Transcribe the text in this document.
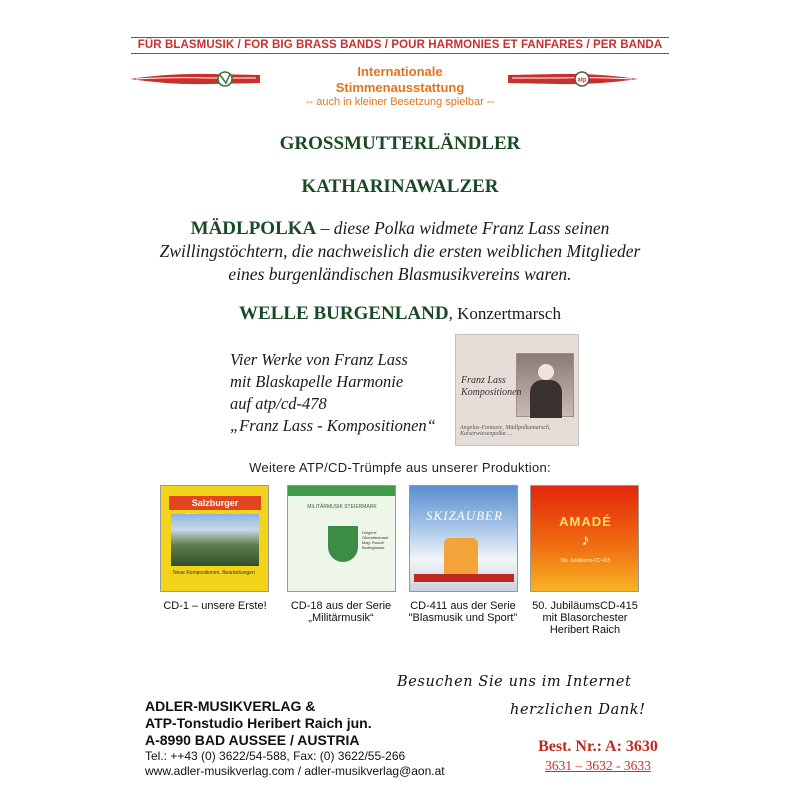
FÜR BLASMUSIK / FOR BIG BRASS BANDS / POUR HARMONIES ET FANFARES / PER BANDA
atp
Internationale
Stimmenausstattung
-- auch in kleiner Besetzung spielbar --
GROSSMUTTERLÄNDLER
KATHARINAWALZER
MÄDLPOLKA – diese Polka widmete Franz Lass seinen
Zwillingstöchtern, die nachweislich die ersten weiblichen Mitglieder
eines burgenländischen Blasmusikvereins waren.
WELLE BURGENLAND, Konzertmarsch
Vier Werke von Franz Lass
mit Blaskapelle Harmonie
auf atp/cd-478
„Franz Lass - Kompositionen“
Franz Lass Kompositionen
Angelus-Fantasie, Mädlpolkamarsch, Kaiserwiesenpolka …
Weitere ATP/CD-Trümpfe aus unserer Produktion:
Salzburger
Neue Kompositionen, Bearbeitungen
MILITÄRMUSIK STEIERMARK
Dirigent: Oberstleutnant Mag. Rudolf Bodingbauer
SKIZAUBER	AMADÉ
♪
Die Jubiläums-CD 415
CD-1 – unsere Erste!	CD-18 aus der Serie
„Militärmusik“
CD-411 aus der Serie
"Blasmusik und Sport"
50. JubiläumsCD-415
mit Blasorchester
Heribert Raich
Besuchen Sie uns im Internet
herzlichen Dank!
ADLER-MUSIKVERLAG &
ATP-Tonstudio Heribert Raich jun.
A-8990 BAD AUSSEE / AUSTRIA
Tel.: ++43 (0) 3622/54-588, Fax: (0) 3622/55-266
www.adler-musikverlag.com / adler-musikverlag@aon.at
Best. Nr.: A: 3630
3631 – 3632 - 3633
